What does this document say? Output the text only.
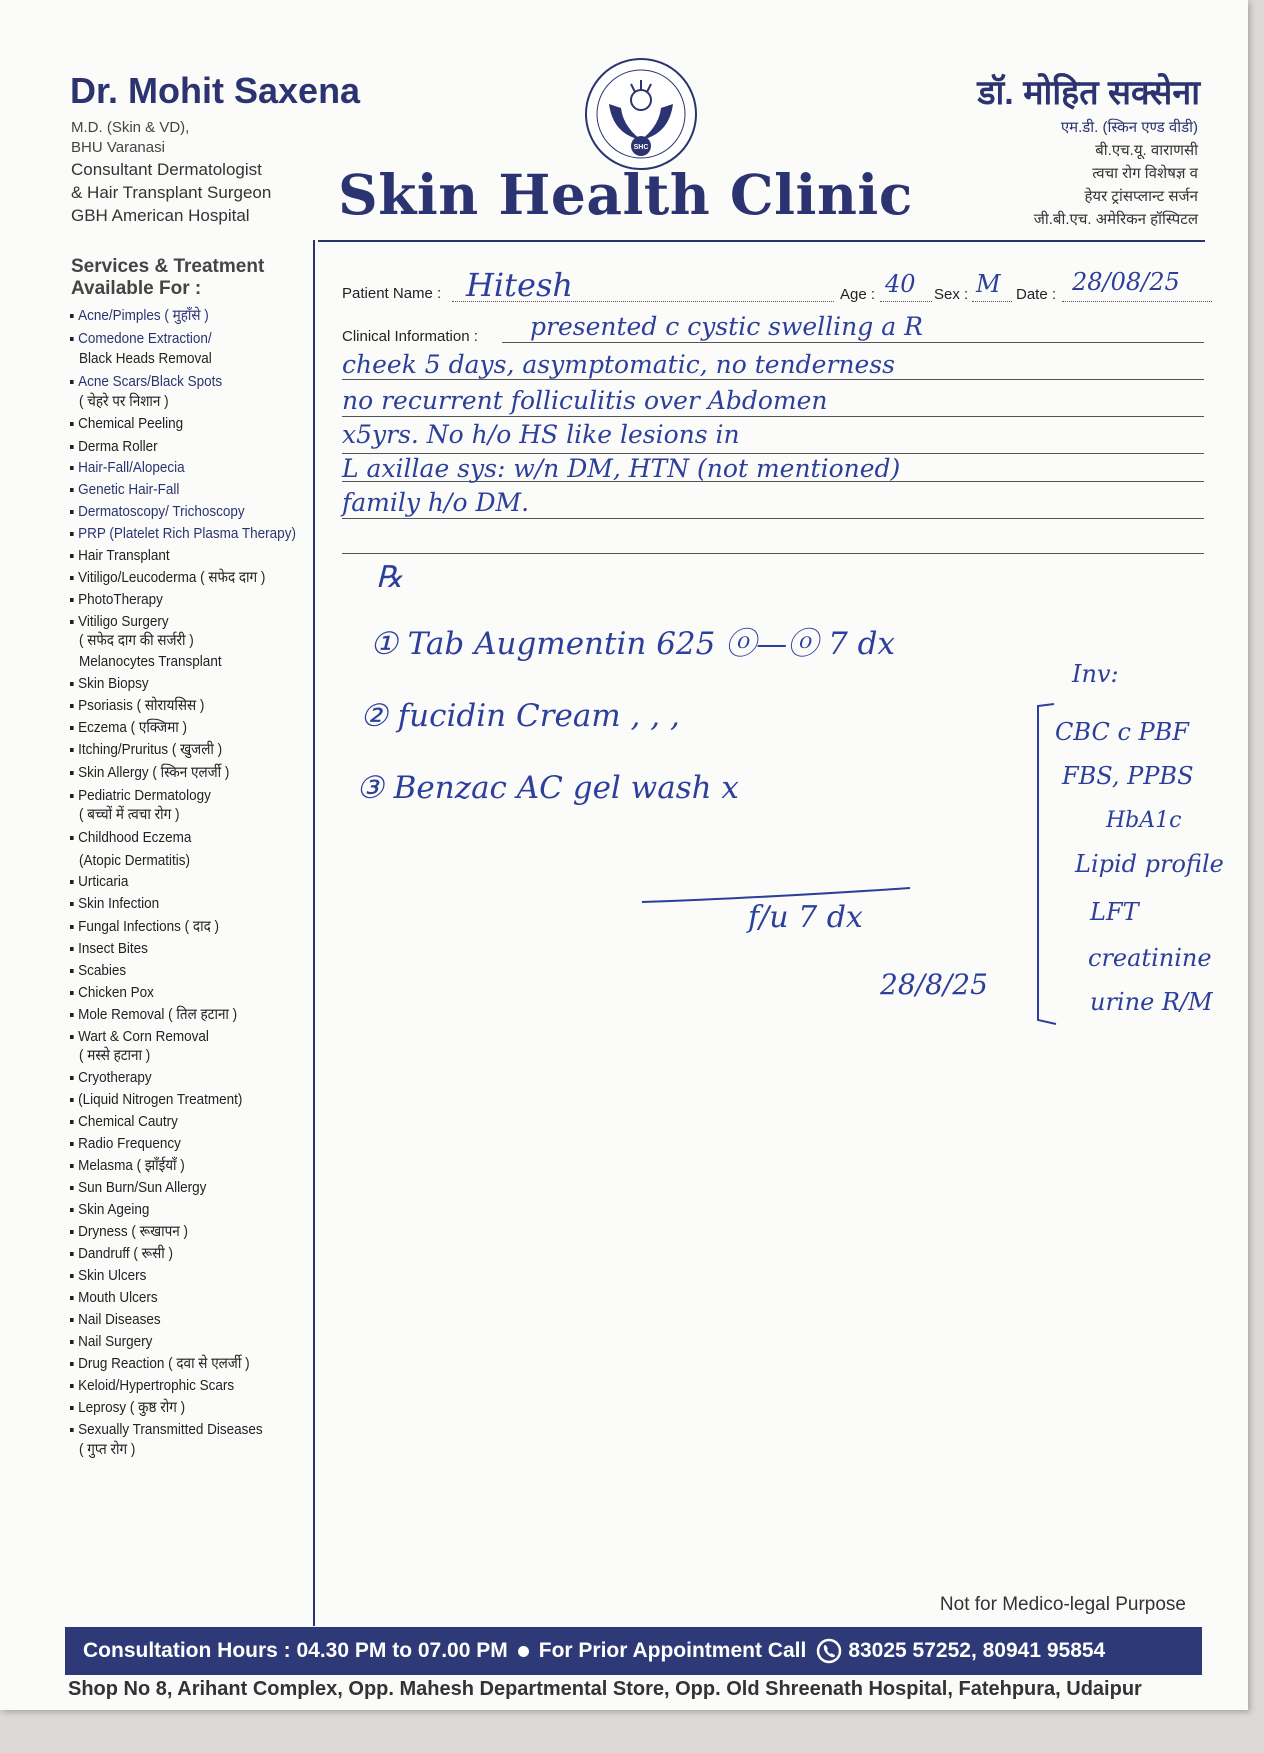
Dr. Mohit Saxena
M.D. (Skin & VD),
BHU Varanasi
Consultant Dermatologist
& Hair Transplant Surgeon
GBH American Hospital
SHC
Skin Health Clinic
डॉ. मोहित सक्सेना
एम.डी. (स्किन एण्ड वीडी)
बी.एच.यू. वाराणसी
त्वचा रोग विशेषज्ञ व
हेयर ट्रांसप्लान्ट सर्जन
जी.बी.एच. अमेरिकन हॉस्पिटल
Services & Treatment
Available For :
Acne/Pimples ( मुहाँसे )
Comedone Extraction/
Black Heads Removal
Acne Scars/Black Spots
( चेहरे पर निशान )
Chemical Peeling
Derma Roller
Hair-Fall/Alopecia
Genetic Hair-Fall
Dermatoscopy/ Trichoscopy
PRP (Platelet Rich Plasma Therapy)
Hair Transplant
Vitiligo/Leucoderma ( सफेद दाग )
PhotoTherapy
Vitiligo Surgery
( सफेद दाग की सर्जरी )
Melanocytes Transplant
Skin Biopsy
Psoriasis ( सोरायसिस )
Eczema ( एक्जिमा )
Itching/Pruritus ( खुजली )
Skin Allergy ( स्किन एलर्जी )
Pediatric Dermatology
( बच्चों में त्वचा रोग )
Childhood Eczema
(Atopic Dermatitis)
Urticaria
Skin Infection
Fungal Infections ( दाद )
Insect Bites
Scabies
Chicken Pox
Mole Removal ( तिल हटाना )
Wart & Corn Removal
( मस्से हटाना )
Cryotherapy
(Liquid Nitrogen Treatment)
Chemical Cautry
Radio Frequency
Melasma ( झाँईयाँ )
Sun Burn/Sun Allergy
Skin Ageing
Dryness ( रूखापन )
Dandruff ( रूसी )
Skin Ulcers
Mouth Ulcers
Nail Diseases
Nail Surgery
Drug Reaction ( दवा से एलर्जी )
Keloid/Hypertrophic Scars
Leprosy ( कुष्ठ रोग )
Sexually Transmitted Diseases
( गुप्त रोग )
Patient Name : Hitesh	Age : 40 Sex : M Date : 28/08/25
Clinical Information : presented c cystic swelling a R
cheek 5 days, asymptomatic, no tenderness
no recurrent folliculitis over Abdomen
x5yrs. No h/o HS like lesions in
L axillae sys: w/n DM, HTN (not mentioned)
family h/o DM.
℞
① Tab Augmentin 625 ⓞ—ⓞ 7 dx
② fucidin Cream , , ,
③ Benzac AC gel wash x
Inv:
CBC c PBF
FBS, PPBS
HbA1c
Lipid profile
LFT
creatinine
urine R/M
f/u 7 dx
28/8/25
Not for Medico-legal Purpose
Consultation Hours : 04.30 PM to 07.00 PM For Prior Appointment Call 83025 57252, 80941 95854
Shop No 8, Arihant Complex, Opp. Mahesh Departmental Store, Opp. Old Shreenath Hospital, Fatehpura, Udaipur
